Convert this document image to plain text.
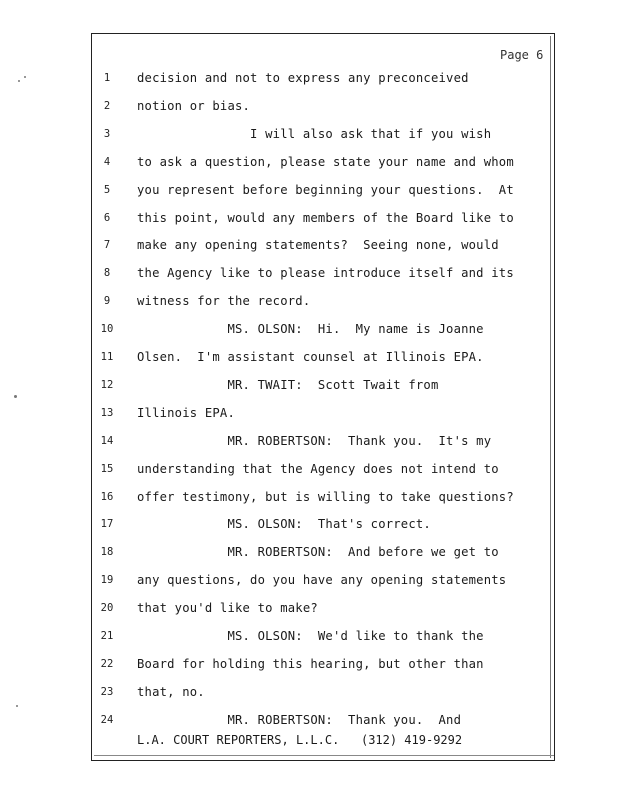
Page 6
1	decision and not to express any preconceived
2	notion or bias.
3	I will also ask that if you wish
4	to ask a question, please state your name and whom
5	you represent before beginning your questions.  At
6	this point, would any members of the Board like to
7	make any opening statements?  Seeing none, would
8	the Agency like to please introduce itself and its
9	witness for the record.
10	MS. OLSON:  Hi.  My name is Joanne
11	Olsen.  I'm assistant counsel at Illinois EPA.
12	MR. TWAIT:  Scott Twait from
13	Illinois EPA.
14	MR. ROBERTSON:  Thank you.  It's my
15	understanding that the Agency does not intend to
16	offer testimony, but is willing to take questions?
17	MS. OLSON:  That's correct.
18	MR. ROBERTSON:  And before we get to
19	any questions, do you have any opening statements
20	that you'd like to make?
21	MS. OLSON:  We'd like to thank the
22	Board for holding this hearing, but other than
23	that, no.
24	MR. ROBERTSON:  Thank you.  And
L.A. COURT REPORTERS, L.L.C.   (312) 419-9292
